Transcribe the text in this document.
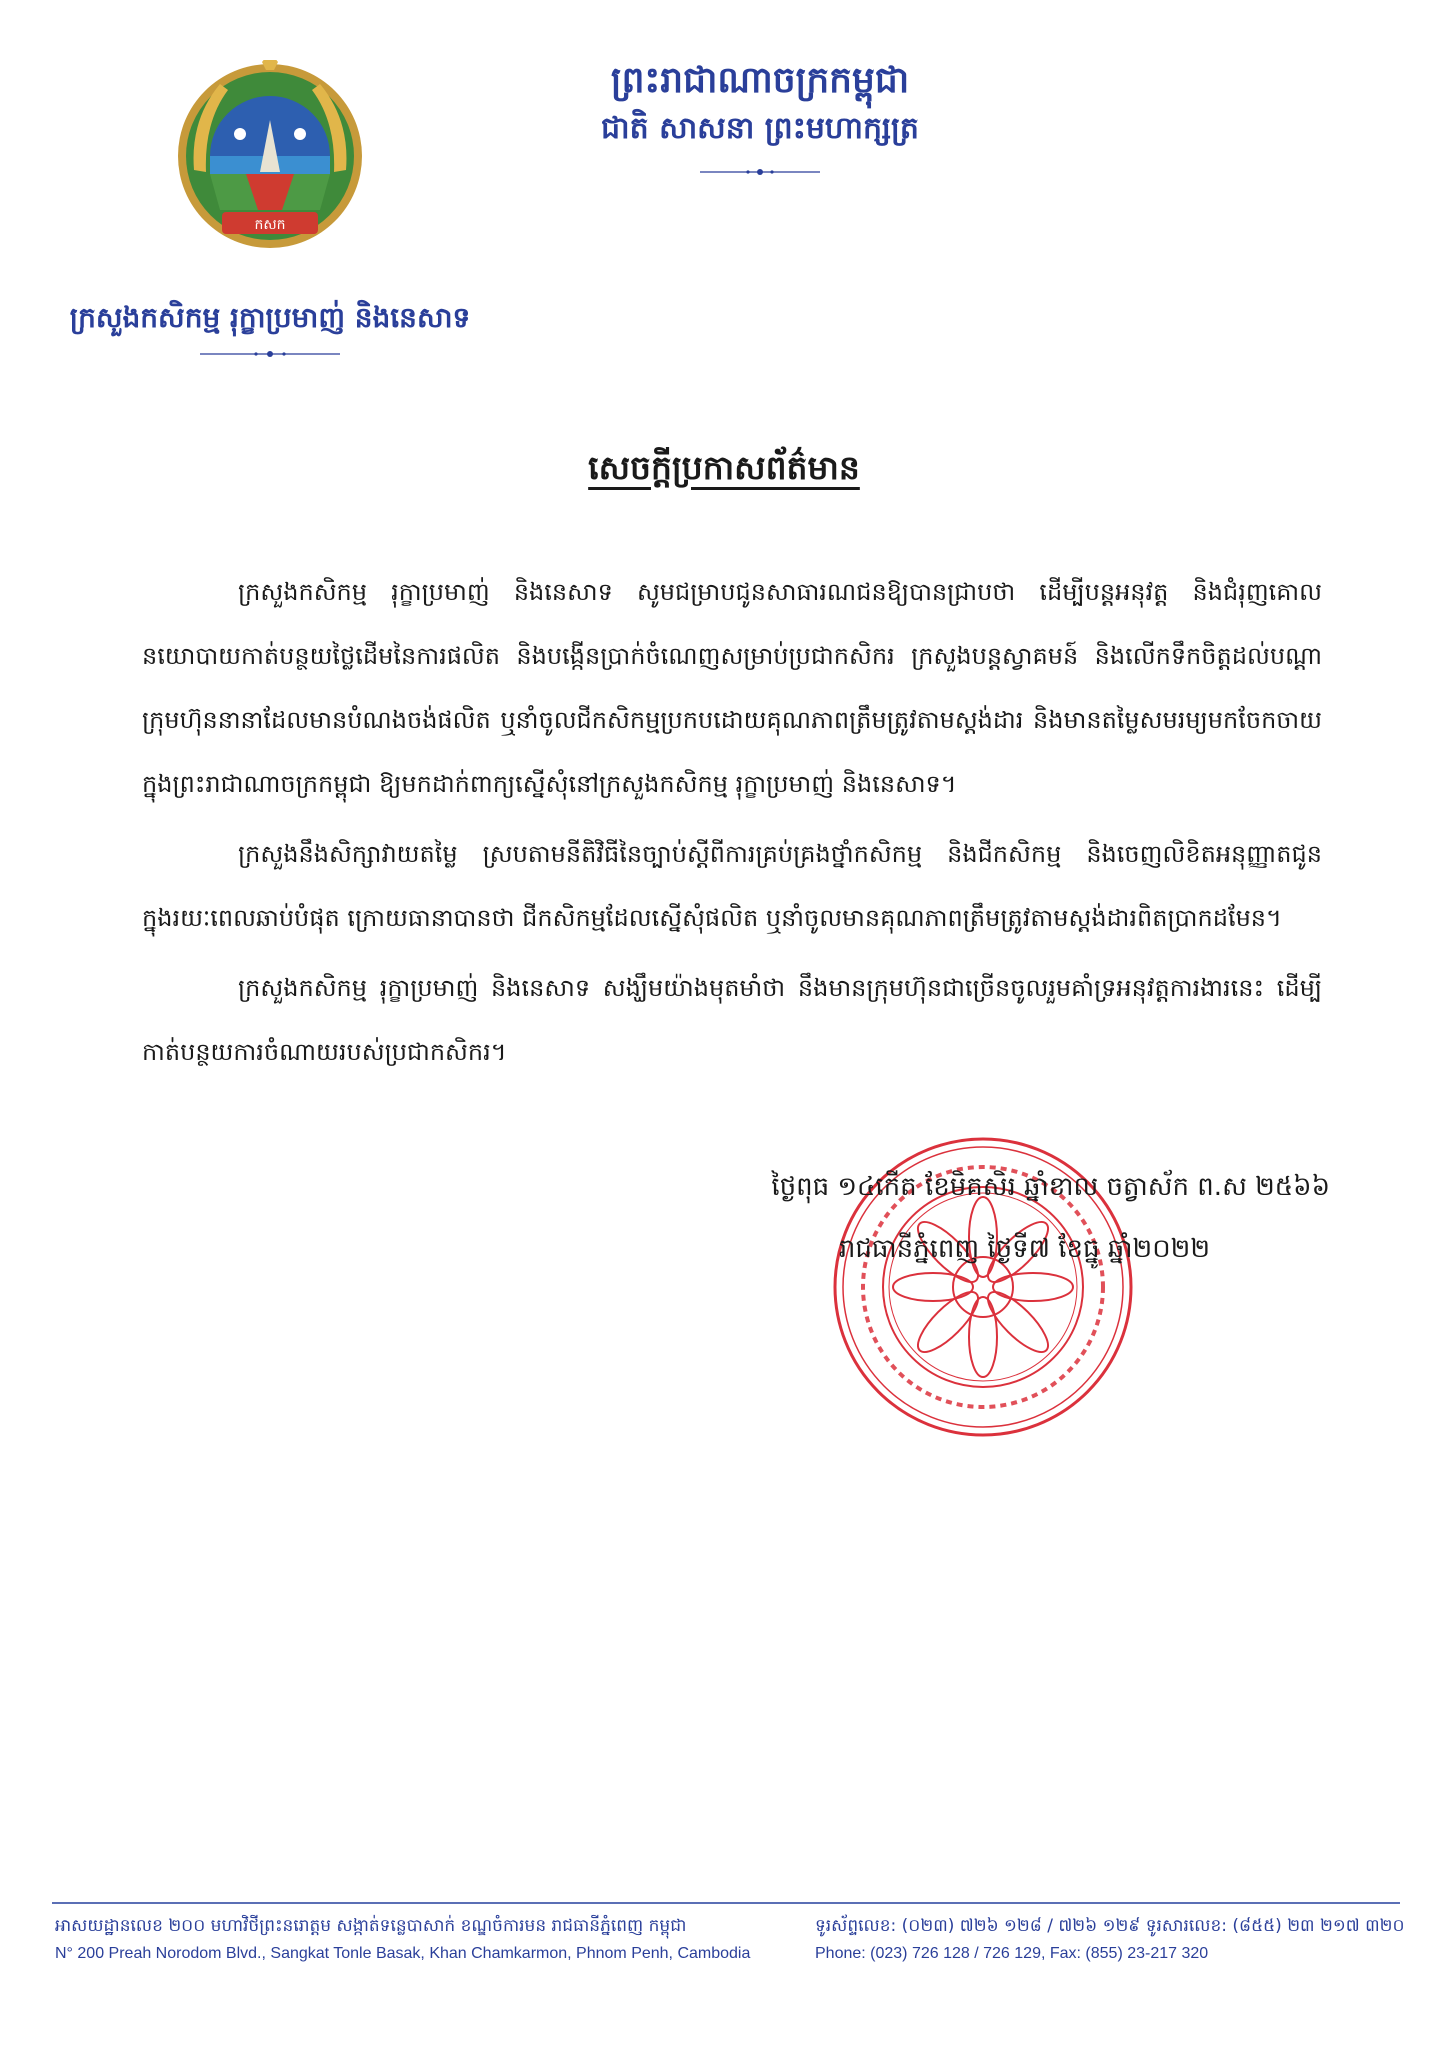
កសក
ក្រសួងកសិកម្ម រុក្ខាប្រមាញ់ និងនេសាទ
ព្រះរាជាណាចក្រកម្ពុជា
ជាតិ សាសនា ព្រះមហាក្សត្រ
សេចក្តីប្រកាសព័ត៌មាន

ក្រសួងកសិកម្ម រុក្ខាប្រមាញ់ និងនេសាទ សូមជម្រាបជូនសាធារណជនឱ្យបានជ្រាបថា ដើម្បីបន្តអនុវត្ត និងជំរុញគោលនយោបាយកាត់បន្ថយថ្លៃដើមនៃការផលិត និងបង្កើនប្រាក់ចំណេញសម្រាប់ប្រជាកសិករ ក្រសួងបន្តស្វាគមន៍ និងលើកទឹកចិត្តដល់បណ្តាក្រុមហ៊ុននានាដែលមានបំណងចង់ផលិត ឬនាំចូលជីកសិកម្មប្រកបដោយគុណភាពត្រឹមត្រូវតាមស្តង់ដារ និងមានតម្លៃសមរម្យមកចែកចាយក្នុងព្រះរាជាណាចក្រកម្ពុជា ឱ្យមកដាក់ពាក្យស្នើសុំនៅក្រសួងកសិកម្ម រុក្ខាប្រមាញ់ និងនេសាទ។

ក្រសួងនឹងសិក្សាវាយតម្លៃ ស្របតាមនីតិវិធីនៃច្បាប់ស្តីពីការគ្រប់គ្រងថ្នាំកសិកម្ម និងជីកសិកម្ម និងចេញលិខិតអនុញ្ញាតជូនក្នុងរយៈពេលឆាប់បំផុត ក្រោយធានាបានថា ជីកសិកម្មដែលស្នើសុំផលិត ឬនាំចូលមានគុណភាពត្រឹមត្រូវតាមស្តង់ដារពិតប្រាកដមែន។

ក្រសួងកសិកម្ម រុក្ខាប្រមាញ់ និងនេសាទ សង្ឃឹមយ៉ាងមុតមាំថា នឹងមានក្រុមហ៊ុនជាច្រើនចូលរួមគាំទ្រអនុវត្តការងារនេះ ដើម្បីកាត់បន្ថយការចំណាយរបស់ប្រជាកសិករ។

ថ្ងៃពុធ ១៤កើត ខែមិគសិរ ឆ្នាំខាល ចត្វាស័ក ព.ស ២៥៦៦
រាជធានីភ្នំពេញ ថ្ងៃទី៧ ខែធ្នូ ឆ្នាំ២០២២
អាសយដ្ឋានលេខ ២០០ មហាវិថីព្រះនរោត្តម សង្កាត់ទន្លេបាសាក់ ខណ្ឌចំការមន រាជធានីភ្នំពេញ កម្ពុជា
N° 200 Preah Norodom Blvd., Sangkat Tonle Basak, Khan Chamkarmon, Phnom Penh, Cambodia
ទូរស័ព្ទលេខ: (០២៣) ៧២៦ ១២៨ / ៧២៦ ១២៩ ទូរសារលេខ: (៨៥៥) ២៣ ២១៧ ៣២០
Phone: (023) 726 128 / 726 129, Fax: (855) 23-217 320
